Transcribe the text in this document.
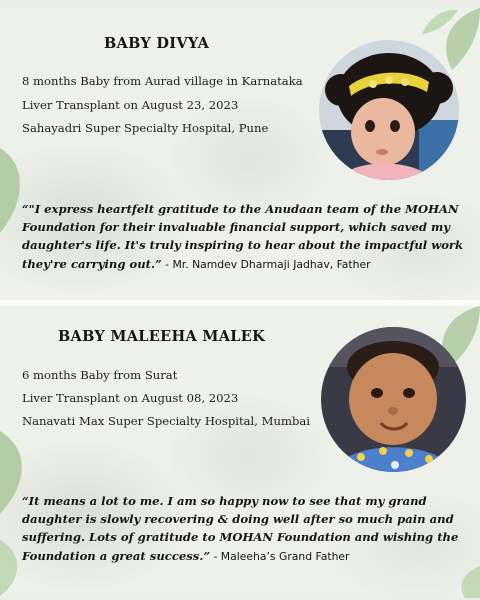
BABY DIVYA
8 months Baby from Aurad village in Karnataka
Liver Transplant on August 23, 2023
Sahayadri Super Specialty Hospital, Pune

“"I express heartfelt gratitude to the Anudaan team of the MOHAN Foundation for their invaluable financial support, which saved my daughter's life. It's truly inspiring to hear about the impactful work they're carrying out.” - Mr. Namdev Dharmaji Jadhav, Father

BABY MALEEHA MALEK
6 months Baby from Surat
Liver Transplant on August 08, 2023
Nanavati Max Super Specialty Hospital, Mumbai

“It means a lot to me. I am so happy now to see that my grand daughter is slowly recovering & doing well after so much pain and suffering. Lots of gratitude to MOHAN Foundation and wishing the Foundation a great success.” - Maleeha’s Grand Father
